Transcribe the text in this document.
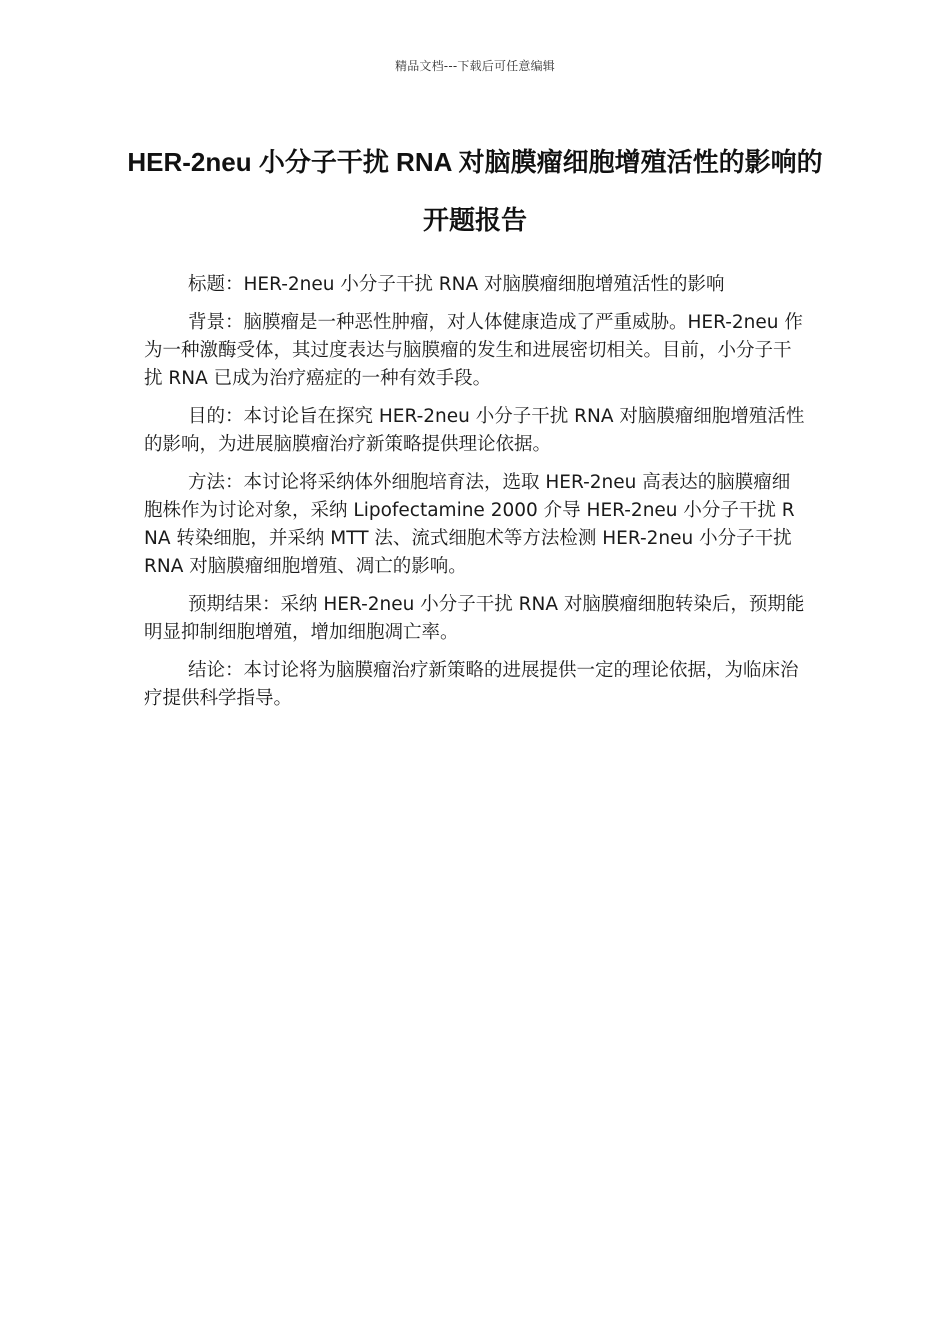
精品文档---下载后可任意编辑
HER-2neu 小分子干扰 RNA 对脑膜瘤细胞增殖活性的影响的开题报告

标题：HER-2neu 小分子干扰 RNA 对脑膜瘤细胞增殖活性的影响

背景：脑膜瘤是一种恶性肿瘤，对人体健康造成了严重威胁。HER-2neu 作为一种激酶受体，其过度表达与脑膜瘤的发生和进展密切相关。目前，小分子干扰 RNA 已成为治疗癌症的一种有效手段。

目的：本讨论旨在探究 HER-2neu 小分子干扰 RNA 对脑膜瘤细胞增殖活性的影响，为进展脑膜瘤治疗新策略提供理论依据。

方法：本讨论将采纳体外细胞培育法，选取 HER-2neu 高表达的脑膜瘤细胞株作为讨论对象，采纳 Lipofectamine 2000 介导 HER-2neu 小分子干扰 RNA 转染细胞，并采纳 MTT 法、流式细胞术等方法检测 HER-2neu 小分子干扰 RNA 对脑膜瘤细胞增殖、凋亡的影响。

预期结果：采纳 HER-2neu 小分子干扰 RNA 对脑膜瘤细胞转染后，预期能明显抑制细胞增殖，增加细胞凋亡率。

结论：本讨论将为脑膜瘤治疗新策略的进展提供一定的理论依据，为临床治疗提供科学指导。
